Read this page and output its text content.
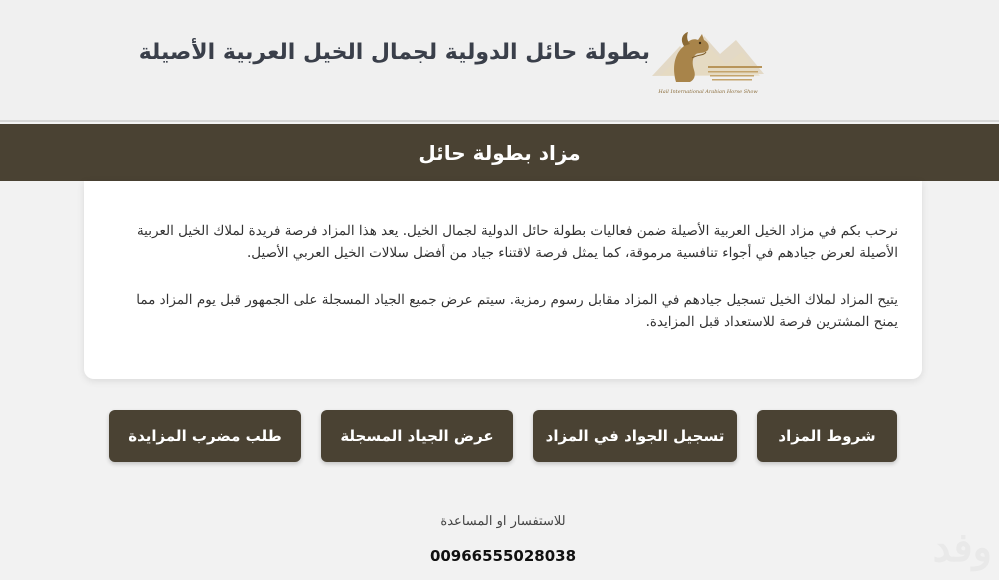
بطولة حائل الدولية لجمال الخيل العربية الأصيلة
Hail International Arabian Horse Show
مزاد بطولة حائل

نرحب بكم في مزاد الخيل العربية الأصيلة ضمن فعاليات بطولة حائل الدولية لجمال الخيل. يعد هذا المزاد فرصة فريدة لملاك الخيل العربية الأصيلة لعرض جيادهم في أجواء تنافسية مرموقة، كما يمثل فرصة لاقتناء جياد من أفضل سلالات الخيل العربي الأصيل.

يتيح المزاد لملاك الخيل تسجيل جيادهم في المزاد مقابل رسوم رمزية. سيتم عرض جميع الجياد المسجلة على الجمهور قبل يوم المزاد مما يمنح المشترين فرصة للاستعداد قبل المزايدة.

شروط المزاد
تسجيل الجواد في المزاد
عرض الجياد المسجلة
طلب مضرب المزايدة
للاستفسار او المساعدة
00966555028038	وفد
